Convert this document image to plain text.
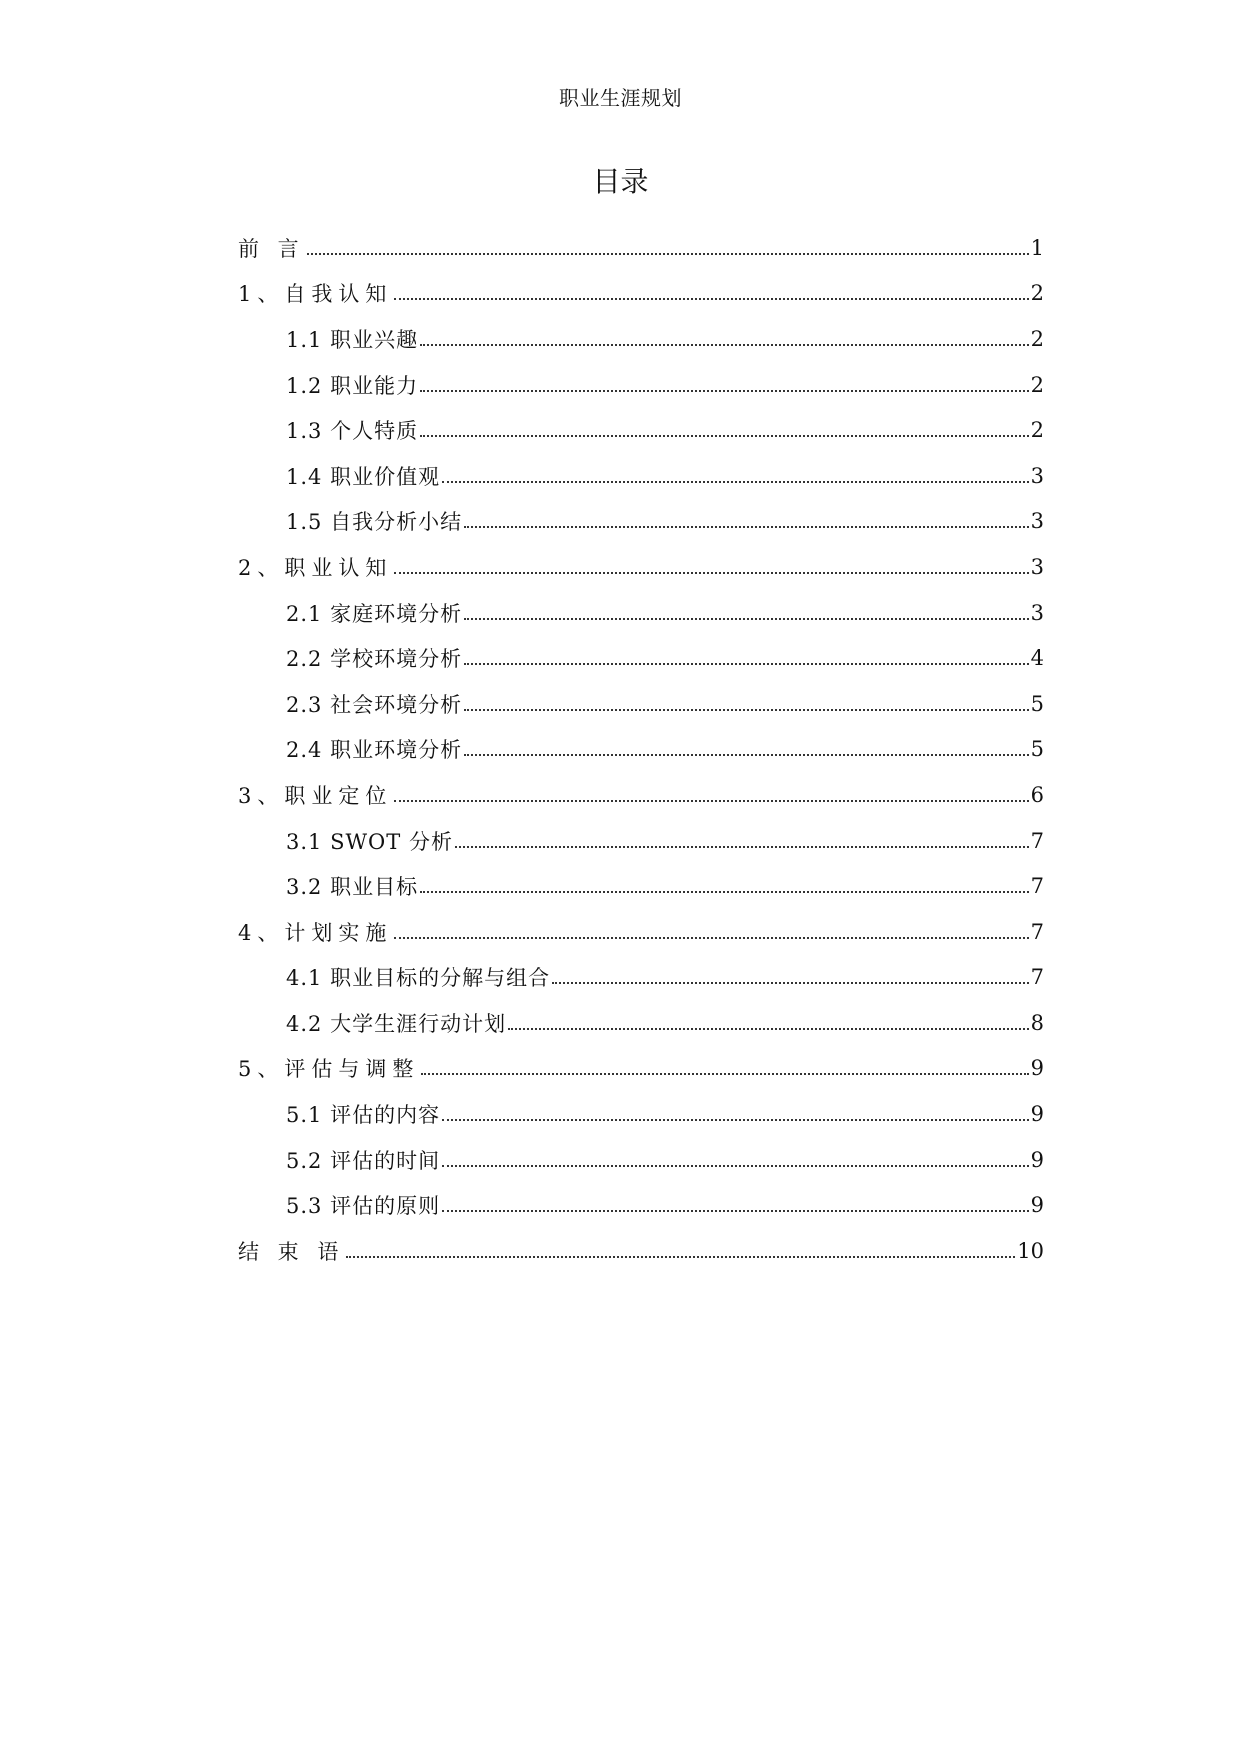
职业生涯规划
目录
前 言	1
1、自我认知	2
1.1 职业兴趣	2
1.2 职业能力	2
1.3 个人特质	2
1.4 职业价值观	3
1.5 自我分析小结	3
2、职业认知	3
2.1 家庭环境分析	3
2.2 学校环境分析	4
2.3 社会环境分析	5
2.4 职业环境分析	5
3、职业定位	6
3.1 SWOT 分析	7
3.2 职业目标	7
4、计划实施	7
4.1 职业目标的分解与组合	7
4.2 大学生涯行动计划	8
5、评估与调整	9
5.1 评估的内容	9
5.2 评估的时间	9
5.3 评估的原则	9
结 束 语	10
